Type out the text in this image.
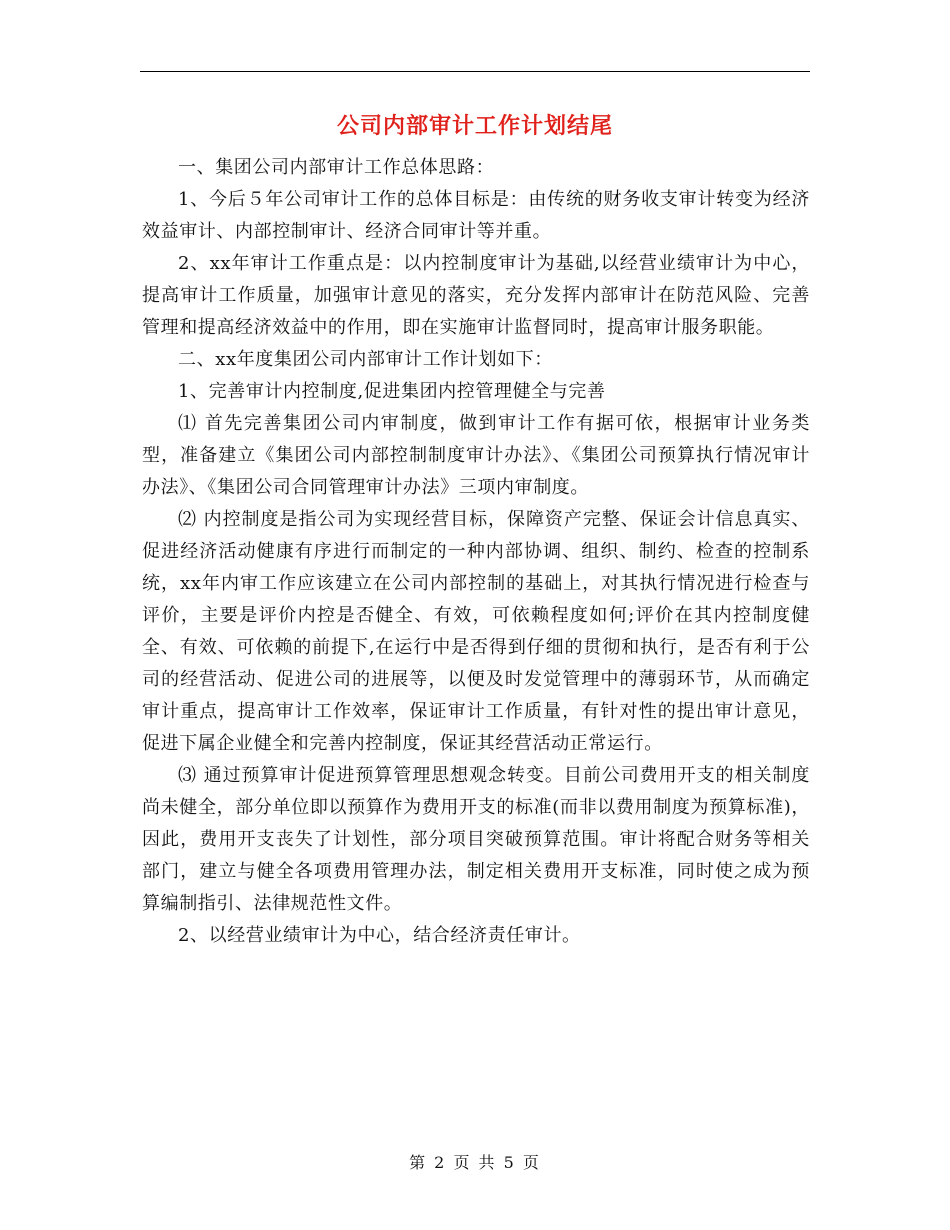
公司内部审计工作计划结尾

一、集团公司内部审计工作总体思路：

1、今后５年公司审计工作的总体目标是：由传统的财务收支审计转变为经济效益审计、内部控制审计、经济合同审计等并重。

2、xx年审计工作重点是：以内控制度审计为基础,以经营业绩审计为中心，提高审计工作质量，加强审计意见的落实，充分发挥内部审计在防范风险、完善管理和提高经济效益中的作用，即在实施审计监督同时，提高审计服务职能。

二、xx年度集团公司内部审计工作计划如下：

1、完善审计内控制度,促进集团内控管理健全与完善

⑴ 首先完善集团公司内审制度，做到审计工作有据可依，根据审计业务类型，准备建立《集团公司内部控制制度审计办法》、《集团公司预算执行情况审计办法》、《集团公司合同管理审计办法》三项内审制度。

⑵ 内控制度是指公司为实现经营目标，保障资产完整、保证会计信息真实、促进经济活动健康有序进行而制定的一种内部协调、组织、制约、检查的控制系统，xx年内审工作应该建立在公司内部控制的基础上，对其执行情况进行检查与评价，主要是评价内控是否健全、有效，可依赖程度如何;评价在其内控制度健全、有效、可依赖的前提下,在运行中是否得到仔细的贯彻和执行，是否有利于公司的经营活动、促进公司的进展等，以便及时发觉管理中的薄弱环节，从而确定审计重点，提高审计工作效率，保证审计工作质量，有针对性的提出审计意见，促进下属企业健全和完善内控制度，保证其经营活动正常运行。

⑶ 通过预算审计促进预算管理思想观念转变。目前公司费用开支的相关制度尚未健全，部分单位即以预算作为费用开支的标准(而非以费用制度为预算标准)，因此，费用开支丧失了计划性，部分项目突破预算范围。审计将配合财务等相关部门，建立与健全各项费用管理办法，制定相关费用开支标准，同时使之成为预算编制指引、法律规范性文件。

2、以经营业绩审计为中心，结合经济责任审计。

第 2 页 共 5 页
